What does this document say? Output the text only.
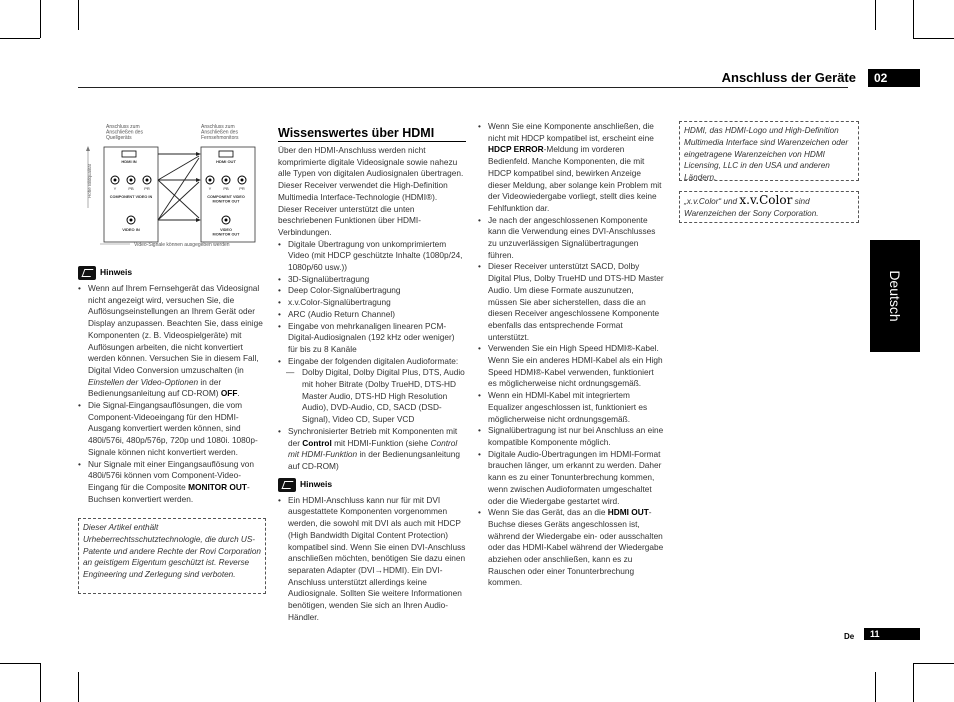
Anschluss der Geräte	02
Deutsch
Anschluss zum Anschließen des Quellgeräts
Anschluss zum Anschließen des Fernsehmonitors
Hohe Bildqualität
HDMI IN
Y	PB	PR
COMPONENT VIDEO IN
VIDEO IN
HDMI OUT
Y	PB	PR
COMPONENT VIDEO MONITOR OUT
VIDEO MONITOR OUT
Video-Signale können ausgegeben werden
Hinweis

• Wenn auf Ihrem Fernsehgerät das Videosignal nicht angezeigt wird, versuchen Sie, die Auflösungseinstellungen an Ihrem Gerät oder Display anzupassen. Beachten Sie, dass einige Komponenten (z. B. Videospielgeräte) mit Auflösungen arbeiten, die nicht konvertiert werden können. Versuchen Sie in diesem Fall, Digital Video Conversion umzuschalten (in Einstellen der Video-Optionen in der Bedienungsanleitung auf CD-ROM) OFF.

• Die Signal-Eingangsauflösungen, die vom Component-Videoeingang für den HDMI-Ausgang konvertiert werden können, sind 480i/576i, 480p/576p, 720p und 1080i. 1080p-Signale können nicht konvertiert werden.

• Nur Signale mit einer Eingangsauflösung von 480i/576i können vom Component-Video-Eingang für die Composite MONITOR OUT-Buchsen konvertiert werden.

Dieser Artikel enthält Urheberrechtsschutztechnologie, die durch US-Patente und andere Rechte der Rovi Corporation an geistigem Eigentum geschützt ist. Reverse Engineering und Zerlegung sind verboten.
Wissenswertes über HDMI

Über den HDMI-Anschluss werden nicht komprimierte digitale Videosignale sowie nahezu alle Typen von digitalen Audiosignalen übertragen.

Dieser Receiver verwendet die High-Definition Multimedia Interface-Technologie (HDMI®).

Dieser Receiver unterstützt die unten beschriebenen Funktionen über HDMI-Verbindungen.

• Digitale Übertragung von unkomprimiertem Video (mit HDCP geschützte Inhalte (1080p/24, 1080p/60 usw.))

• 3D-Signalübertragung

• Deep Color-Signalübertragung

• x.v.Color-Signalübertragung

• ARC (Audio Return Channel)

• Eingabe von mehrkanaligen linearen PCM-Digital-Audiosignalen (192 kHz oder weniger) für bis zu 8 Kanäle

• Eingabe der folgenden digitalen Audioformate:

— Dolby Digital, Dolby Digital Plus, DTS, Audio mit hoher Bitrate (Dolby TrueHD, DTS-HD Master Audio, DTS-HD High Resolution Audio), DVD-Audio, CD, SACD (DSD-Signal), Video CD, Super VCD

• Synchronisierter Betrieb mit Komponenten mit der Control mit HDMI-Funktion (siehe Control mit HDMI-Funktion in der Bedienungsanleitung auf CD-ROM)

Hinweis

• Ein HDMI-Anschluss kann nur für mit DVI ausgestattete Komponenten vorgenommen werden, die sowohl mit DVI als auch mit HDCP (High Bandwidth Digital Content Protection) kompatibel sind. Wenn Sie einen DVI-Anschluss anschließen möchten, benötigen Sie dazu einen separaten Adapter (DVI→HDMI). Ein DVI-Anschluss unterstützt allerdings keine Audiosignale. Sollten Sie weitere Informationen benötigen, wenden Sie sich an Ihren Audio-Händler.

• Wenn Sie eine Komponente anschließen, die nicht mit HDCP kompatibel ist, erscheint eine HDCP ERROR-Meldung im vorderen Bedienfeld. Manche Komponenten, die mit HDCP kompatibel sind, bewirken Anzeige dieser Meldung, aber solange kein Problem mit der Videowiedergabe vorliegt, stellt dies keine Fehlfunktion dar.

• Je nach der angeschlossenen Komponente kann die Verwendung eines DVI-Anschlusses zu unzuverlässigen Signalübertragungen führen.

• Dieser Receiver unterstützt SACD, Dolby Digital Plus, Dolby TrueHD und DTS-HD Master Audio. Um diese Formate auszunutzen, müssen Sie aber sicherstellen, dass die an diesen Receiver angeschlossene Komponente ebenfalls das entsprechende Format unterstützt.

• Verwenden Sie ein High Speed HDMI®-Kabel. Wenn Sie ein anderes HDMI-Kabel als ein High Speed HDMI®-Kabel verwenden, funktioniert es möglicherweise nicht ordnungsgemäß.

• Wenn ein HDMI-Kabel mit integriertem Equalizer angeschlossen ist, funktioniert es möglicherweise nicht ordnungsgemäß.

• Signalübertragung ist nur bei Anschluss an eine kompatible Komponente möglich.

• Digitale Audio-Übertragungen im HDMI-Format brauchen länger, um erkannt zu werden. Daher kann es zu einer Tonunterbrechung kommen, wenn zwischen Audioformaten umgeschaltet oder die Wiedergabe gestartet wird.

• Wenn Sie das Gerät, das an die HDMI OUT-Buchse dieses Geräts angeschlossen ist, während der Wiedergabe ein- oder ausschalten oder das HDMI-Kabel während der Wiedergabe abziehen oder anschließen, kann es zu Rauschen oder einer Tonunterbrechung kommen.

HDMI, das HDMI-Logo und High-Definition Multimedia Interface sind Warenzeichen oder eingetragene Warenzeichen von HDMI Licensing, LLC in den USA und anderen Ländern.
„x.v.Color“ und x.v.Color sind
Warenzeichen der Sony Corporation.
De	11
